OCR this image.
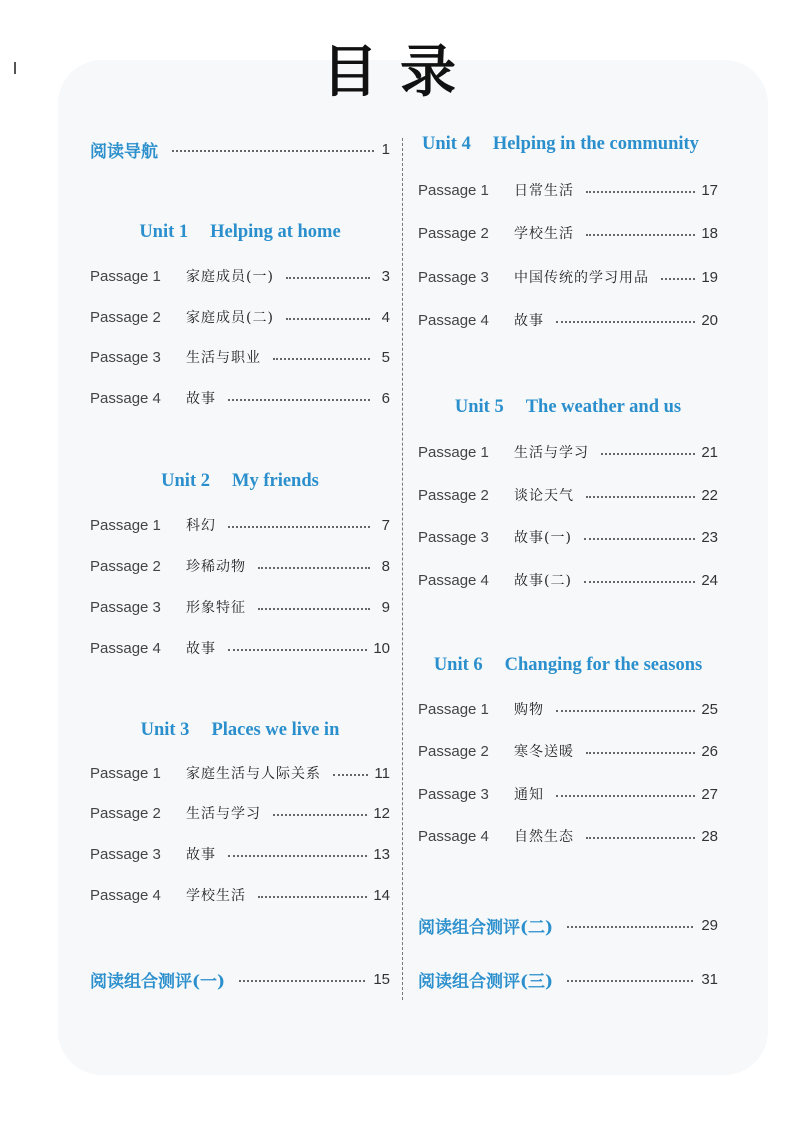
目录
阅读导航	1
Unit 1 Helping at home
Passage 1	家庭成员(一)	3
Passage 2	家庭成员(二)	4
Passage 3	生活与职业	5
Passage 4	故事	6
Unit 2 My friends
Passage 1	科幻	7
Passage 2	珍稀动物	8
Passage 3	形象特征	9
Passage 4	故事	10
Unit 3 Places we live in
Passage 1	家庭生活与人际关系	11
Passage 2	生活与学习	12
Passage 3	故事	13
Passage 4	学校生活	14
阅读组合测评(一)	15
Unit 4 Helping in the community
Passage 1	日常生活	17
Passage 2	学校生活	18
Passage 3	中国传统的学习用品	19
Passage 4	故事	20
Unit 5 The weather and us
Passage 1	生活与学习	21
Passage 2	谈论天气	22
Passage 3	故事(一)	23
Passage 4	故事(二)	24
Unit 6 Changing for the seasons
Passage 1	购物	25
Passage 2	寒冬送暖	26
Passage 3	通知	27
Passage 4	自然生态	28
阅读组合测评(二)	29
阅读组合测评(三)	31
